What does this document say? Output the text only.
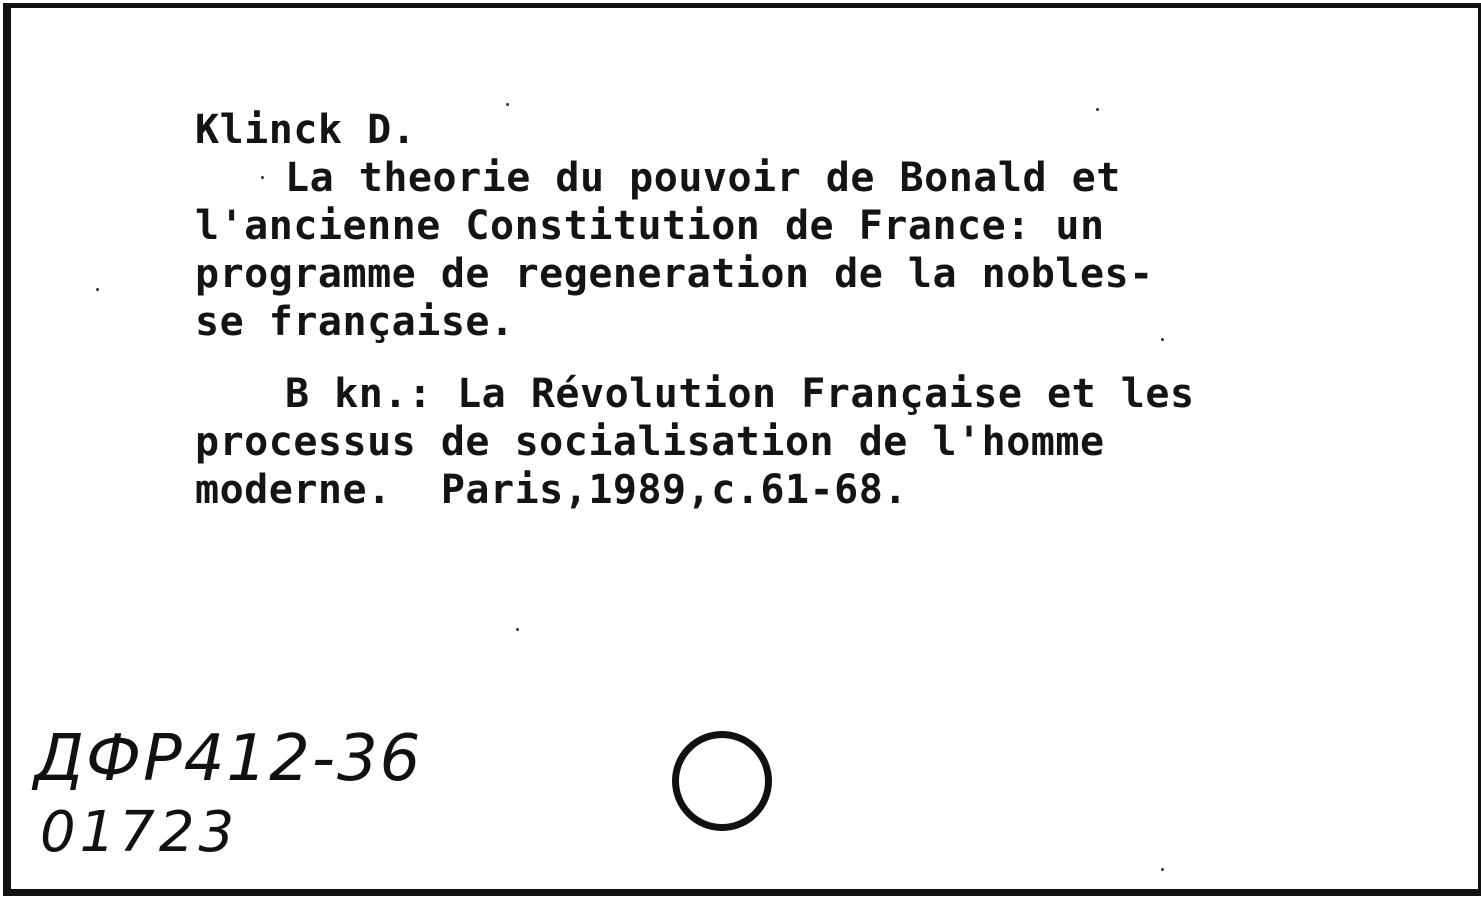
Klinck D.
La theorie du pouvoir de Bonald et
l'ancienne Constitution de France: un
programme de regeneration de la nobles-
se française.
B kn.: La Révolution Française et les
processus de socialisation de l'homme
moderne.  Paris,1989,c.61-68.
ДФР412-36
01723
